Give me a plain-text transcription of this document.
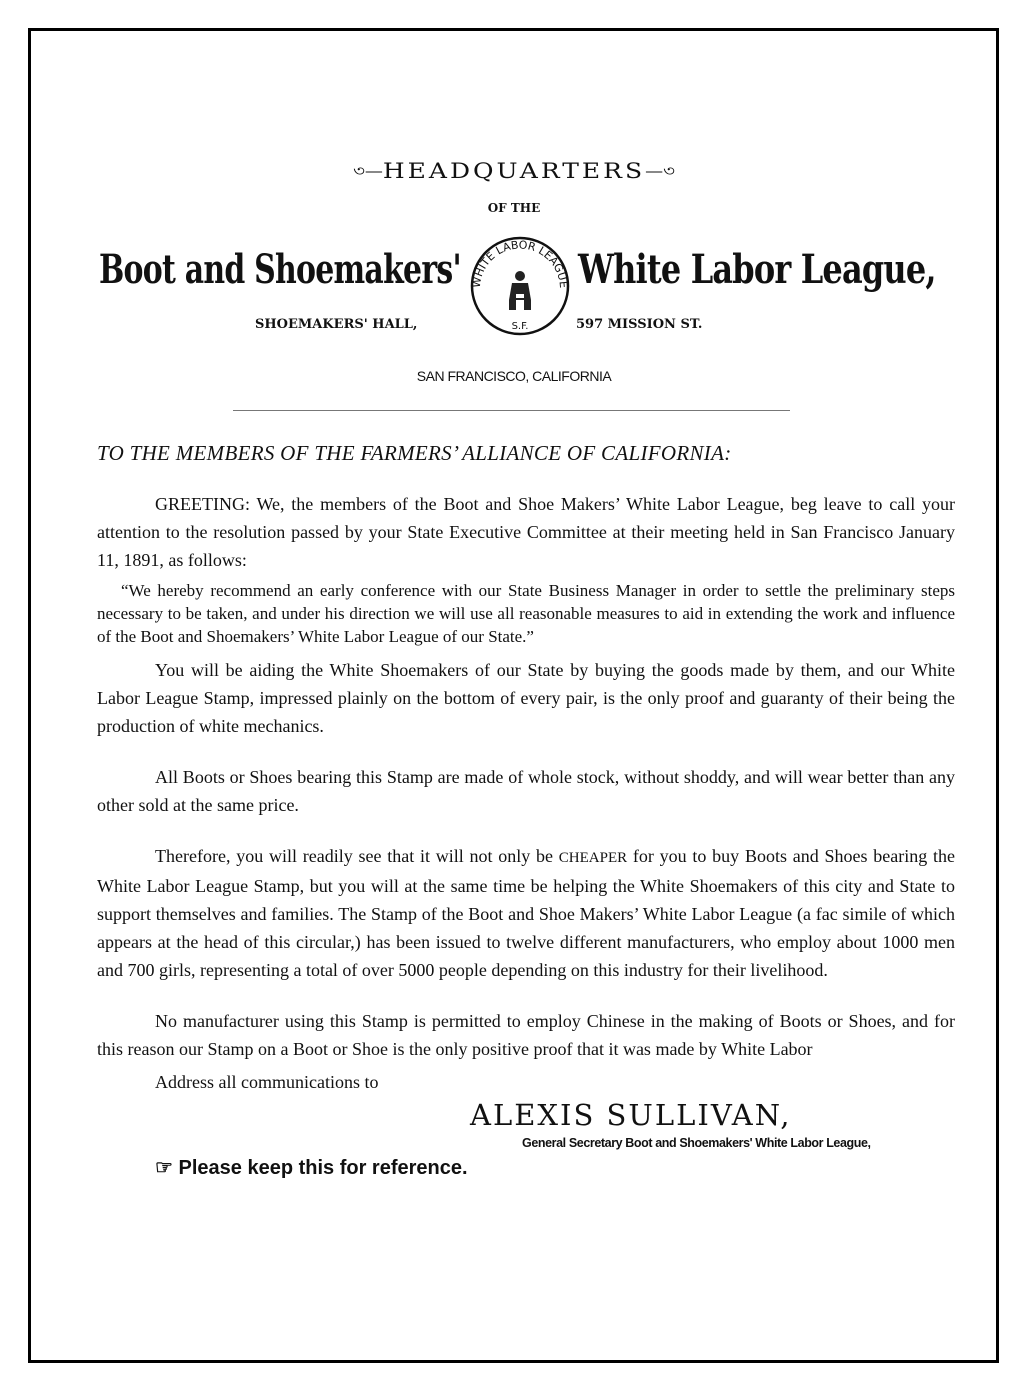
৩—HEADQUARTERS—৩
OF THE
Boot and Shoemakers'	White Labor League,
WHITE LABOR LEAGUE
S.F.
SHOEMAKERS' HALL,	597 MISSION ST.
SAN FRANCISCO, CALIFORNIA
TO THE MEMBERS OF THE FARMERS’ ALLIANCE OF CALIFORNIA:

GREETING: We, the members of the Boot and Shoe Makers’ White Labor League, beg leave to call your attention to the resolution passed by your State Executive Committee at their meeting held in San Francisco January 11, 1891, as follows:

“We hereby recommend an early conference with our State Business Manager in order to settle the preliminary steps necessary to be taken, and under his direction we will use all reasonable measures to aid in extending the work and influence of the Boot and Shoemakers’ White Labor League of our State.”

You will be aiding the White Shoemakers of our State by buying the goods made by them, and our White Labor League Stamp, impressed plainly on the bottom of every pair, is the only proof and guaranty of their being the production of white mechanics.

All Boots or Shoes bearing this Stamp are made of whole stock, without shoddy, and will wear better than any other sold at the same price.

Therefore, you will readily see that it will not only be CHEAPER for you to buy Boots and Shoes bearing the White Labor League Stamp, but you will at the same time be helping the White Shoemakers of this city and State to support themselves and families. The Stamp of the Boot and Shoe Makers’ White Labor League (a fac simile of which appears at the head of this circular,) has been issued to twelve different manufacturers, who employ about 1000 men and 700 girls, representing a total of over 5000 people depending on this industry for their livelihood.

No manufacturer using this Stamp is permitted to employ Chinese in the making of Boots or Shoes, and for this reason our Stamp on a Boot or Shoe is the only positive proof that it was made by White Labor

Address all communications to
ALEXIS SULLIVAN,
General Secretary Boot and Shoemakers' White Labor League,
☞ Please keep this for reference.
